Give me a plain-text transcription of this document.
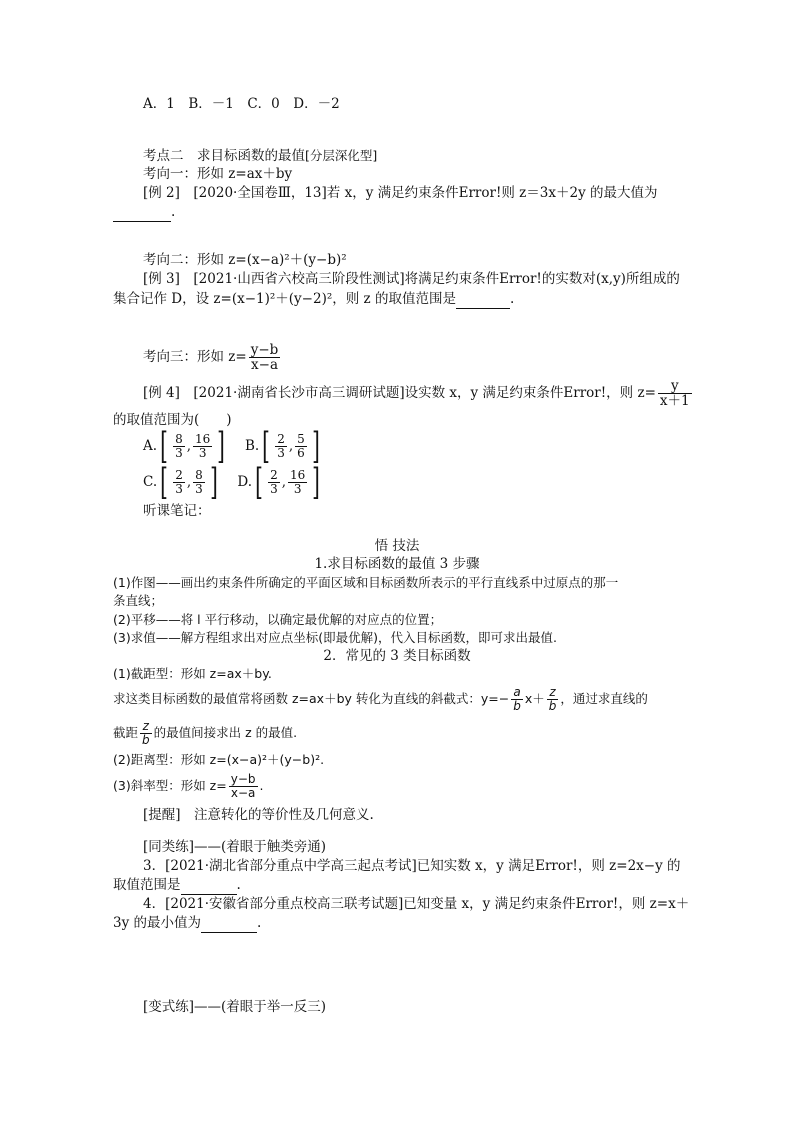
A．1　B．－1　C．0　D．－2
考点二　求目标函数的最值[分层深化型]
考向一：形如 z=ax＋by
[例 2]　[2020·全国卷Ⅲ，13]若 x，y 满足约束条件Error!则 z＝3x＋2y 的最大值为
.
考向二：形如 z=(x−a)²＋(y−b)²
[例 3]　[2021·山西省六校高三阶段性测试]将满足约束条件Error!的实数对(x,y)所组成的
集合记作 D，设 z=(x−1)²＋(y−2)²，则 z 的取值范围是	.
考向三：形如 $z= \frac{y-b}{x-a}$
[例 4]　[2021·湖南省长沙市高三调研试题]设实数 x，y 满足约束条件Error!，则 $z= \frac{y}{x+1}$
的取值范围为(　　)
$A.[ \frac{8}{3}$ , $\frac{16}{3}$ ] $B.[ \frac{2}{3}$ , $\frac{5}{6}$ ]
$C.[ \frac{2}{3}$ , $\frac{8}{3}$ ] $D.[ \frac{2}{3}$ , $\frac{16}{3}$ ]
听课笔记：
悟 技法
1.求目标函数的最值 3 步骤
(1)作图——画出约束条件所确定的平面区域和目标函数所表示的平行直线系中过原点的那一
条直线；
(2)平移——将 l 平行移动，以确定最优解的对应点的位置；
(3)求值——解方程组求出对应点坐标(即最优解)，代入目标函数，即可求出最值.
2．常见的 3 类目标函数
(1)截距型：形如 z=ax＋by.
求这类目标函数的最值常将函数 z=ax＋by 转化为直线的斜截式：$y=- \frac{a}{b} x+ \frac{z}{b}$ ，通过求直线的
截距 $\frac{z}{b}$ 的最值间接求出 z 的最值.
(2)距离型：形如 z=(x−a)²＋(y−b)².
(3)斜率型：形如 $z= \frac{y-b}{x-a}$ .
[提醒]　注意转化的等价性及几何意义.
[同类练]——(着眼于触类旁通)
3．[2021·湖北省部分重点中学高三起点考试]已知实数 x，y 满足Error!，则 z=2x−y 的
取值范围是	.
4．[2021·安徽省部分重点校高三联考试题]已知变量 x，y 满足约束条件Error!，则 z=x＋
3y 的最小值为	.
[变式练]——(着眼于举一反三)
